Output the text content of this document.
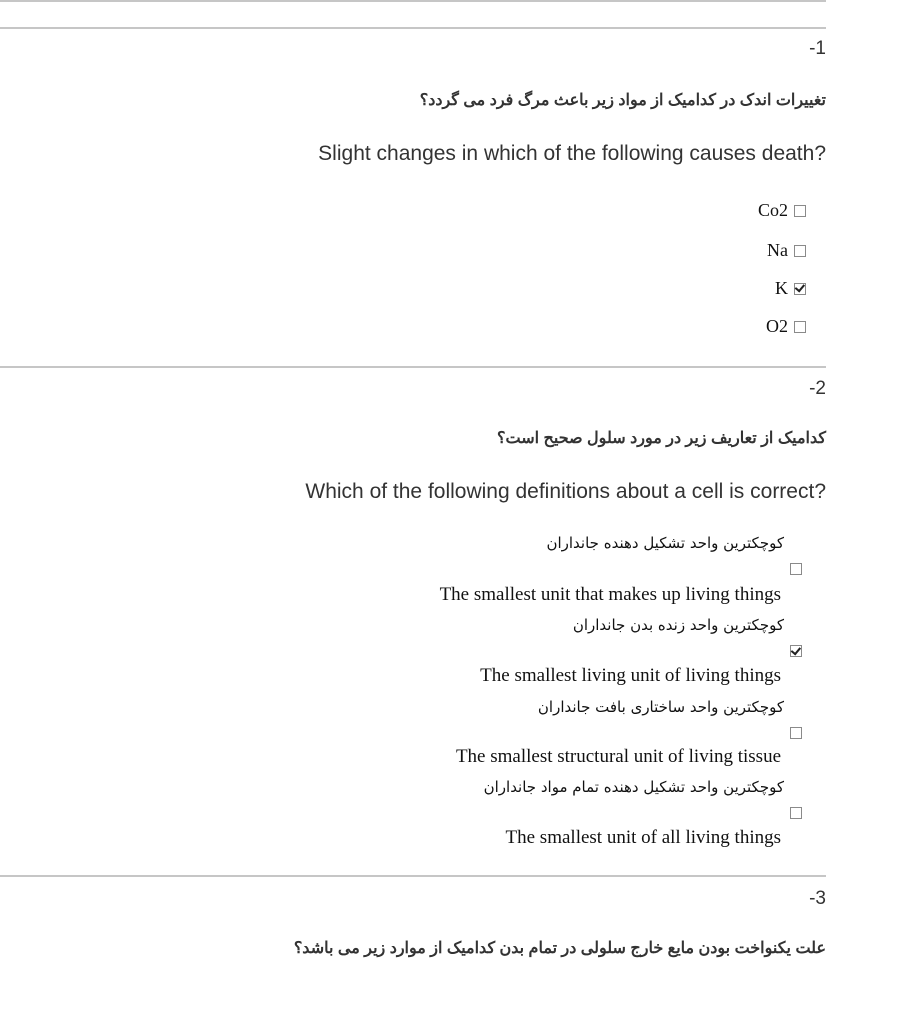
-1
تغییرات اندک در کدامیک از مواد زیر باعث مرگ فرد می گردد؟
Slight changes in which of the following causes death?
Co2
Na
K
O2
-2
کدامیک از تعاریف زیر در مورد سلول صحیح است؟
Which of the following definitions about a cell is correct?
کوچکترین واحد تشکیل دهنده جانداران
The smallest unit that makes up living things
کوچکترین واحد زنده بدن جانداران
The smallest living unit of living things
کوچکترین واحد ساختاری بافت جانداران
The smallest structural unit of living tissue
کوچکترین واحد تشکیل دهنده تمام مواد جانداران
The smallest unit of all living things
-3
علت یکنواخت بودن مایع خارج سلولی در تمام بدن کدامیک از موارد زیر می باشد؟
